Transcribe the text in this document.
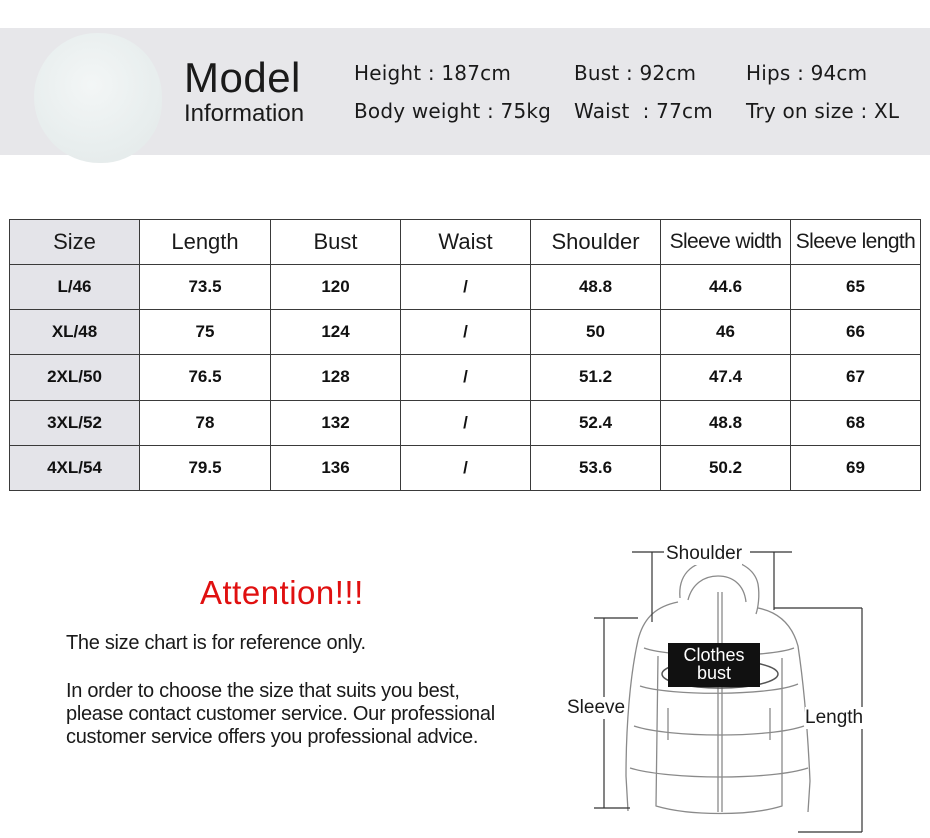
Model
Information
Height : 187cm	Bust : 92cm Hips : 94cm
Body weight : 75kg Waist  : 77cm Try on size : XL
Size	Length	Bust	Waist	Shoulder	Sleeve width	Sleeve length
L/46	73.5	120	/	48.8	44.6	65
XL/48	75	124	/	50	46	66
2XL/50	76.5	128	/	51.2	47.4	67
3XL/52	78	132	/	52.4	48.8	68
4XL/54	79.5	136	/	53.6	50.2	69
Attention!!!
The size chart is for reference only.
In order to choose the size that suits you best,
please contact customer service. Our professional
customer service offers you professional advice.
Shoulder
Clothes
bust
Sleeve	Length
